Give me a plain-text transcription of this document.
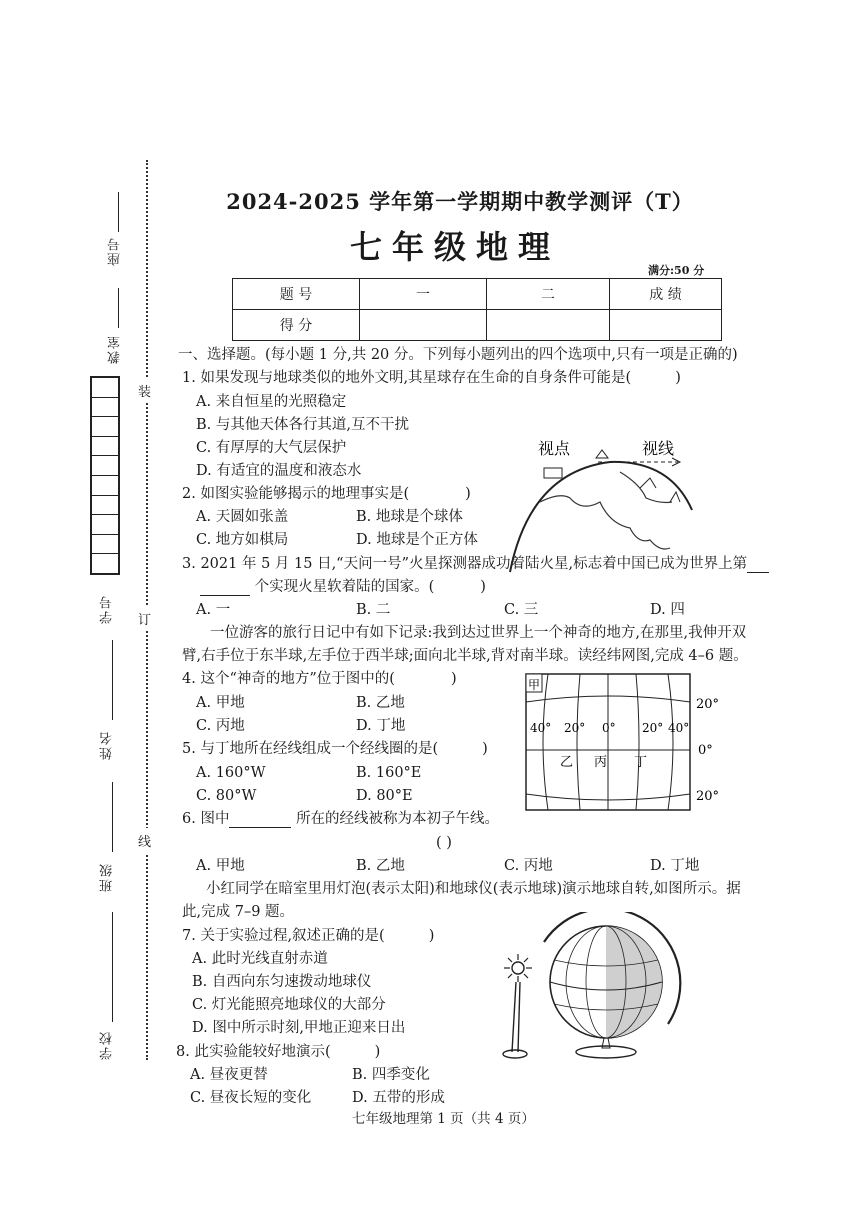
座号
教室
学号
姓名
班级
学校
装
订
线
2024-2025 学年第一学期期中教学测评（T）
七年级地理
满分:50 分
题 号	一	二	成 绩
得 分			
一、选择题。(每小题 1 分,共 20 分。下列每小题列出的四个选项中,只有一项是正确的)
1. 如果发现与地球类似的地外文明,其星球存在生命的自身条件可能是(	)
A. 来自恒星的光照稳定
B. 与其他天体各行其道,互不干扰
C. 有厚厚的大气层保护
D. 有适宜的温度和液态水
视点	视线
2. 如图实验能够揭示的地理事实是(	)
A. 天圆如张盖	B. 地球是个球体
C. 地方如棋局	D. 地球是个正方体
3. 2021 年 5 月 15 日,“天问一号”火星探测器成功着陆火星,标志着中国已成为世界上第
个实现火星软着陆的国家。(	)
A. 一	B. 二	C. 三	D. 四
一位游客的旅行日记中有如下记录:我到达过世界上一个神奇的地方,在那里,我伸开双
臂,右手位于东半球,左手位于西半球;面向北半球,背对南半球。读经纬网图,完成 4–6 题。
4. 这个“神奇的地方”位于图中的(	)
A. 甲地	B. 乙地
C. 丙地	D. 丁地
5. 与丁地所在经线组成一个经线圈的是(	)
A. 160°W	B. 160°E
C. 80°W	D. 80°E
6. 图中	所在的经线被称为本初子午线。
( )
A. 甲地	B. 乙地	C. 丙地	D. 丁地
甲
40° 20° 0° 20° 40°
乙 丙 丁
20°
0°
20°
小红同学在暗室里用灯泡(表示太阳)和地球仪(表示地球)演示地球自转,如图所示。据
此,完成 7–9 题。
7. 关于实验过程,叙述正确的是(	)
A. 此时光线直射赤道
B. 自西向东匀速拨动地球仪
C. 灯光能照亮地球仪的大部分
D. 图中所示时刻,甲地正迎来日出
8. 此实验能较好地演示(	)
A. 昼夜更替	B. 四季变化
C. 昼夜长短的变化	D. 五带的形成
七年级地理第 1 页（共 4 页）
